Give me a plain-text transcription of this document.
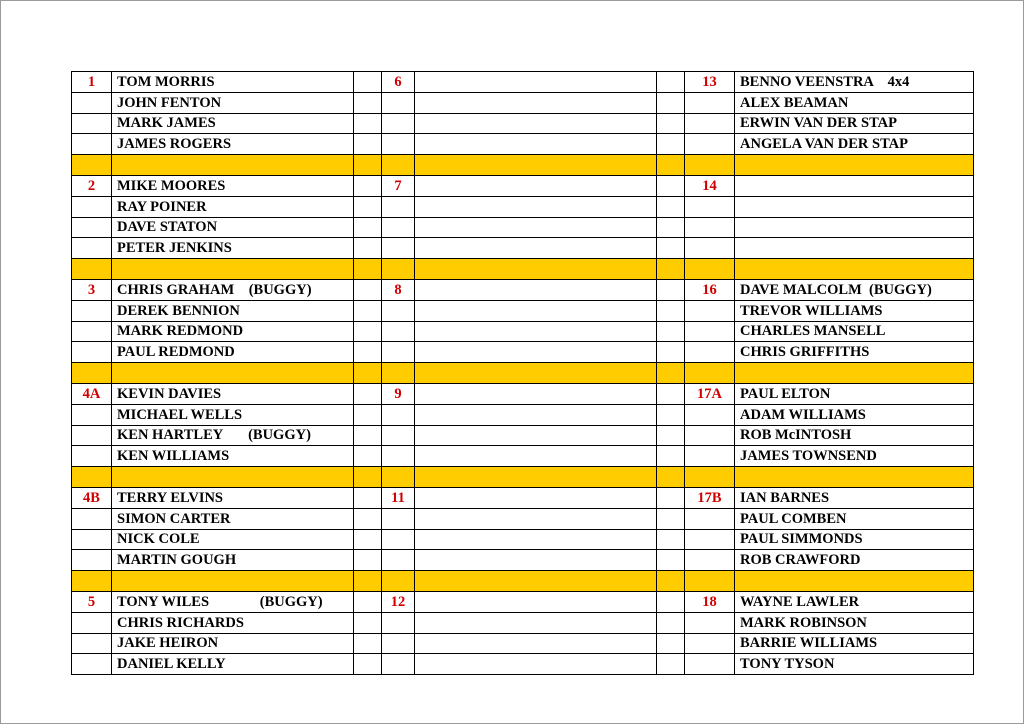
1	TOM MORRIS		6			13	BENNO VEENSTRA    4x4
	JOHN FENTON						ALEX BEAMAN
	MARK JAMES						ERWIN VAN DER STAP
	JAMES ROGERS						ANGELA VAN DER STAP

2	MIKE MOORES		7			14	
	RAY POINER						
	DAVE STATON						
	PETER JENKINS						

3	CHRIS GRAHAM    (BUGGY)		8			16	DAVE MALCOLM  (BUGGY)
	DEREK BENNION						TREVOR WILLIAMS
	MARK REDMOND						CHARLES MANSELL
	PAUL REDMOND						CHRIS GRIFFITHS

4A	KEVIN DAVIES		9			17A	PAUL ELTON
	MICHAEL WELLS						ADAM WILLIAMS
	KEN HARTLEY       (BUGGY)						ROB McINTOSH
	KEN WILLIAMS						JAMES TOWNSEND

4B	TERRY ELVINS		11			17B	IAN BARNES
	SIMON CARTER						PAUL COMBEN
	NICK COLE						PAUL SIMMONDS
	MARTIN GOUGH						ROB CRAWFORD

5	TONY WILES              (BUGGY)		12			18	WAYNE LAWLER
	CHRIS RICHARDS						MARK ROBINSON
	JAKE HEIRON						BARRIE WILLIAMS
	DANIEL KELLY						TONY TYSON
